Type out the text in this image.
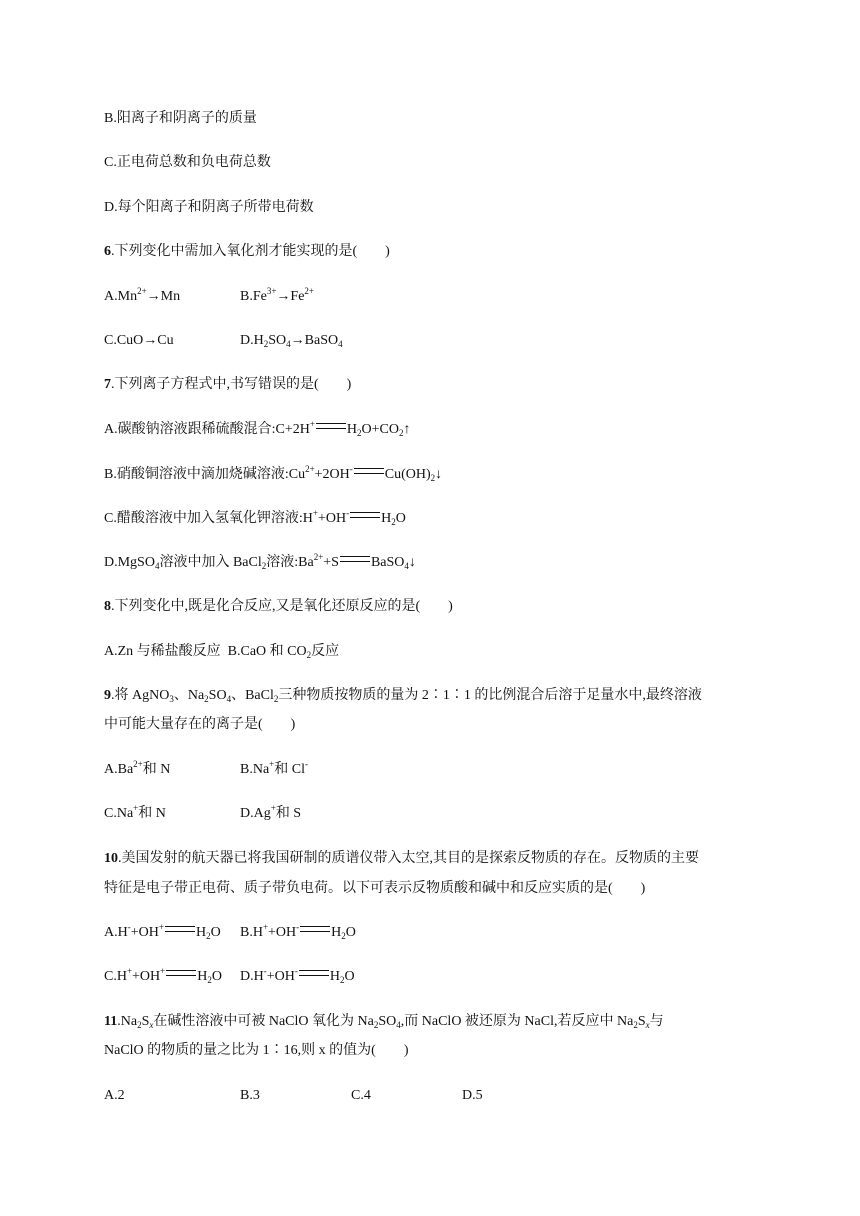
B.阳离子和阴离子的质量
C.正电荷总数和负电荷总数
D.每个阳离子和阴离子所带电荷数
6.下列变化中需加入氧化剂才能实现的是(　　)
$A.Mn^{2+}\to Mn$	$B.Fe^{3+}\to Fe^{2+}$
C.CuO→Cu	$D.H_2SO_4\to BaSO_4$
7.下列离子方程式中,书写错误的是(　　)
A.碳酸钠溶液跟稀硫酸混合:C+2H+ $H_2O+CO_2↑$
B.硝酸铜溶液中滴加烧碱溶液$:Cu^{2+}+2OH^-$ $Cu(OH)_2↓$
C.醋酸溶液中加入氢氧化钾溶液:H++OH- $H_2O$
D.MgSO$_4$溶液中加入 BaCl$_2$溶液$:Ba^{2+}+S$ BaSO$_4$↓
8.下列变化中,既是化合反应,又是氧化还原反应的是(　　)
A.Zn 与稀盐酸反应 B.CaO 和 $CO_2$反应
9.将 AgNO$_3$、$Na_2SO_4$、BaCl$_2$三种物质按物质的量为 2∶1∶1 的比例混合后溶于足量水中,最终溶液
中可能大量存在的离子是(　　)
$A.Ba^{2+}$和 N	B.Na+和 Cl-
C.Na+和 N	D.Ag+和 S
10.美国发射的航天器已将我国研制的质谱仪带入太空,其目的是探索反物质的存在。反物质的主要
特征是电子带正电荷、质子带负电荷。以下可表示反物质酸和碱中和反应实质的是(　　)
A.H-+OH+ $H_2O$ B.H++OH- $H_2O$
C.H++OH+ $H_2O$ D.H-+OH- $H_2O$
$11.Na_2S_x$在碱性溶液中可被 NaClO 氧化为 $Na_2SO_4$,而 NaClO 被还原为 NaCl,若反应中 $Na_2S_x$与
NaClO 的物质的量之比为 1∶16,则 x 的值为(　　)
A.2	B.3	C.4	D.5
